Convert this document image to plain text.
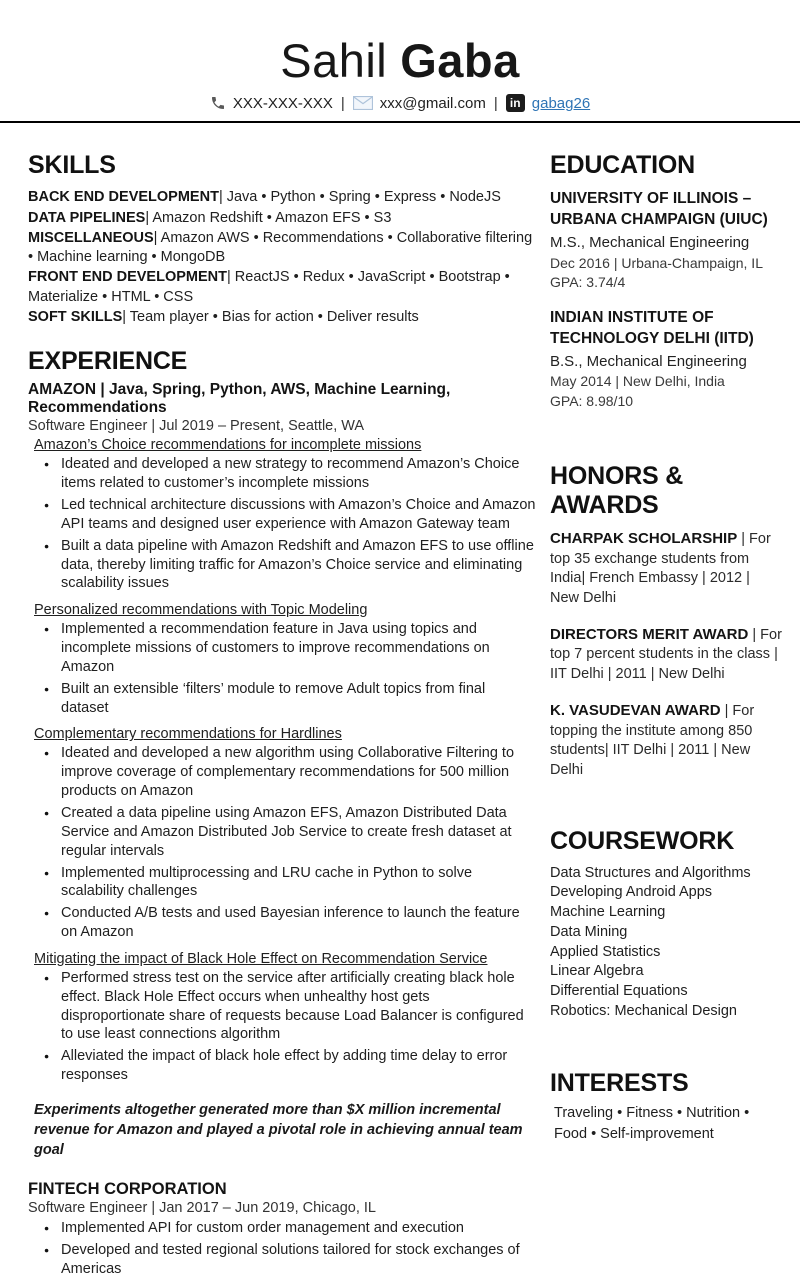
Sahil Gaba
XXX-XXX-XXX | xxx@gmail.com |	in gabag26
SKILLS

BACK END DEVELOPMENT| Java • Python • Spring • Express • NodeJS

DATA PIPELINES| Amazon Redshift • Amazon EFS • S3

MISCELLANEOUS| Amazon AWS • Recommendations • Collaborative filtering • Machine learning • MongoDB

FRONT END DEVELOPMENT| ReactJS • Redux • JavaScript • Bootstrap • Materialize • HTML • CSS

SOFT SKILLS| Team player • Bias for action • Deliver results

EXPERIENCE

AMAZON | Java, Spring, Python, AWS, Machine Learning, Recommendations

Software Engineer | Jul 2019 – Present, Seattle, WA

Amazon’s Choice recommendations for incomplete missions

● Ideated and developed a new strategy to recommend Amazon’s Choice items related to customer’s incomplete missions
● Led technical architecture discussions with Amazon’s Choice and Amazon API teams and designed user experience with Amazon Gateway team
● Built a data pipeline with Amazon Redshift and Amazon EFS to use offline data, thereby limiting traffic for Amazon’s Choice service and eliminating scalability issues

Personalized recommendations with Topic Modeling

● Implemented a recommendation feature in Java using topics and incomplete missions of customers to improve recommendations on Amazon
● Built an extensible ‘filters’ module to remove Adult topics from final dataset

Complementary recommendations for Hardlines

● Ideated and developed a new algorithm using Collaborative Filtering to improve coverage of complementary recommendations for 500 million products on Amazon
● Created a data pipeline using Amazon EFS, Amazon Distributed Data Service and Amazon Distributed Job Service to create fresh dataset at regular intervals
● Implemented multiprocessing and LRU cache in Python to solve scalability challenges
● Conducted A/B tests and used Bayesian inference to launch the feature on Amazon

Mitigating the impact of Black Hole Effect on Recommendation Service

● Performed stress test on the service after artificially creating black hole effect. Black Hole Effect occurs when unhealthy host gets disproportionate share of requests because Load Balancer is configured to use least connections algorithm
● Alleviated the impact of black hole effect by adding time delay to error responses

Experiments altogether generated more than $X million incremental revenue for Amazon and played a pivotal role in achieving annual team goal

FINTECH CORPORATION

Software Engineer | Jan 2017 – Jun 2019, Chicago, IL

● Implemented API for custom order management and execution
● Developed and tested regional solutions tailored for stock exchanges of Americas
EDUCATION

UNIVERSITY OF ILLINOIS – URBANA CHAMPAIGN (UIUC)

M.S., Mechanical Engineering

Dec 2016 | Urbana-Champaign, IL

GPA: 3.74/4

INDIAN INSTITUTE OF TECHNOLOGY DELHI (IITD)

B.S., Mechanical Engineering

May 2014 | New Delhi, India

GPA: 8.98/10

HONORS & AWARDS

CHARPAK SCHOLARSHIP | For top 35 exchange students from India| French Embassy | 2012 | New Delhi

DIRECTORS MERIT AWARD | For top 7 percent students in the class | IIT Delhi | 2011 | New Delhi

K. VASUDEVAN AWARD | For topping the institute among 850 students| IIT Delhi | 2011 | New Delhi

COURSEWORK
Data Structures and Algorithms
Developing Android Apps
Machine Learning
Data Mining
Applied Statistics
Linear Algebra
Differential Equations
Robotics: Mechanical Design
INTERESTS

Traveling • Fitness • Nutrition • Food • Self-improvement
